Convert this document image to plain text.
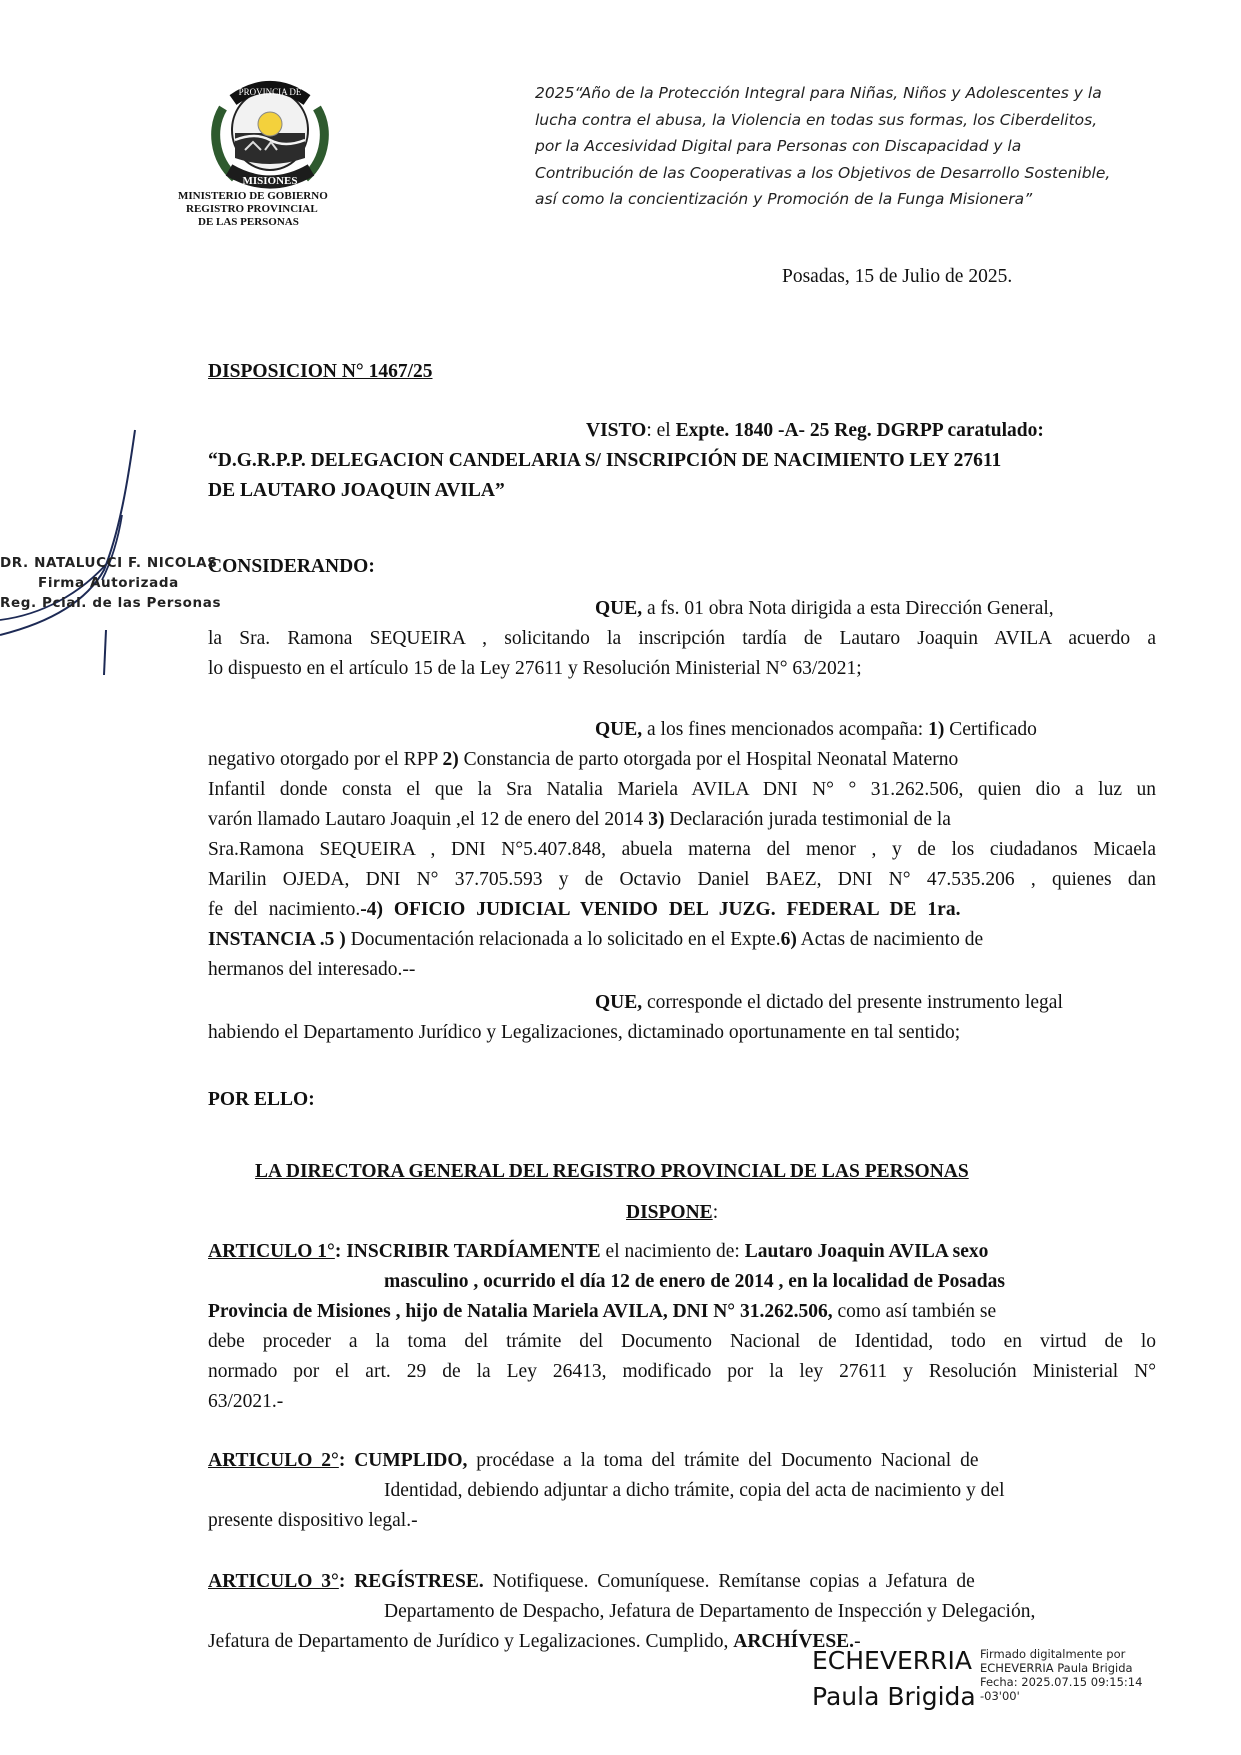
PROVINCIA DE
MISIONES
MINISTERIO DE GOBIERNO
REGISTRO PROVINCIAL
DE LAS PERSONAS
2025“Año de la Protección Integral para Niñas, Niños y Adolescentes y la
lucha contra el abusa, la Violencia en todas sus formas, los Ciberdelitos,
por la Accesividad Digital para Personas con Discapacidad y la
Contribución de las Cooperativas a los Objetivos de Desarrollo Sostenible,
así como la concientización y Promoción de la Funga Misionera”
Posadas, 15 de Julio de 2025.
DISPOSICION N° 1467/25
VISTO: el Expte. 1840 -A- 25 Reg. DGRPP caratulado:
“D.G.R.P.P. DELEGACION CANDELARIA S/ INSCRIPCIÓN DE NACIMIENTO LEY 27611
DE LAUTARO JOAQUIN AVILA”
CONSIDERANDO:
QUE, a fs. 01 obra Nota dirigida a esta Dirección General,
la Sra. Ramona SEQUEIRA , solicitando la inscripción tardía de Lautaro Joaquin AVILA acuerdo a
lo dispuesto en el artículo 15 de la Ley 27611 y Resolución Ministerial N° 63/2021;
QUE, a los fines mencionados acompaña: 1) Certificado
negativo otorgado por el RPP 2) Constancia de parto otorgada por el Hospital Neonatal Materno
Infantil donde consta el que la Sra Natalia Mariela AVILA DNI N° ° 31.262.506, quien dio a luz un
varón llamado Lautaro Joaquin ,el 12 de enero del 2014 3) Declaración jurada testimonial de la
Sra.Ramona SEQUEIRA , DNI N°5.407.848, abuela materna del menor , y de los ciudadanos Micaela
Marilin OJEDA, DNI N° 37.705.593 y de Octavio Daniel BAEZ, DNI N° 47.535.206 , quienes dan
fe del nacimiento.-4) OFICIO JUDICIAL VENIDO DEL JUZG. FEDERAL DE 1ra.
INSTANCIA .5 ) Documentación relacionada a lo solicitado en el Expte.6) Actas de nacimiento de
hermanos del interesado.--
QUE, corresponde el dictado del presente instrumento legal
habiendo el Departamento Jurídico y Legalizaciones, dictaminado oportunamente en tal sentido;
POR ELLO:
LA DIRECTORA GENERAL DEL REGISTRO PROVINCIAL DE LAS PERSONAS
DISPONE:
ARTICULO 1°: INSCRIBIR TARDÍAMENTE el nacimiento de: Lautaro Joaquin AVILA sexo
masculino , ocurrido el día 12 de enero de 2014 , en la localidad de Posadas
Provincia de Misiones , hijo de Natalia Mariela AVILA, DNI N° 31.262.506, como así también se
debe proceder a la toma del trámite del Documento Nacional de Identidad, todo en virtud de lo
normado por el art. 29 de la Ley 26413, modificado por la ley 27611 y Resolución Ministerial N°
63/2021.-
ARTICULO 2°: CUMPLIDO, procédase a la toma del trámite del Documento Nacional de
Identidad, debiendo adjuntar a dicho trámite, copia del acta de nacimiento y del
presente dispositivo legal.-
ARTICULO 3°: REGÍSTRESE. Notifiquese. Comuníquese. Remítanse copias a Jefatura de
Departamento de Despacho, Jefatura de Departamento de Inspección y Delegación,
Jefatura de Departamento de Jurídico y Legalizaciones. Cumplido, ARCHÍVESE.-
DR. NATALUCCI F. NICOLAS
Firma Autorizada
Reg. Pcial. de las Personas
ECHEVERRIA
Paula Brigida
Firmado digitalmente por
ECHEVERRIA Paula Brigida
Fecha: 2025.07.15 09:15:14
-03'00'
